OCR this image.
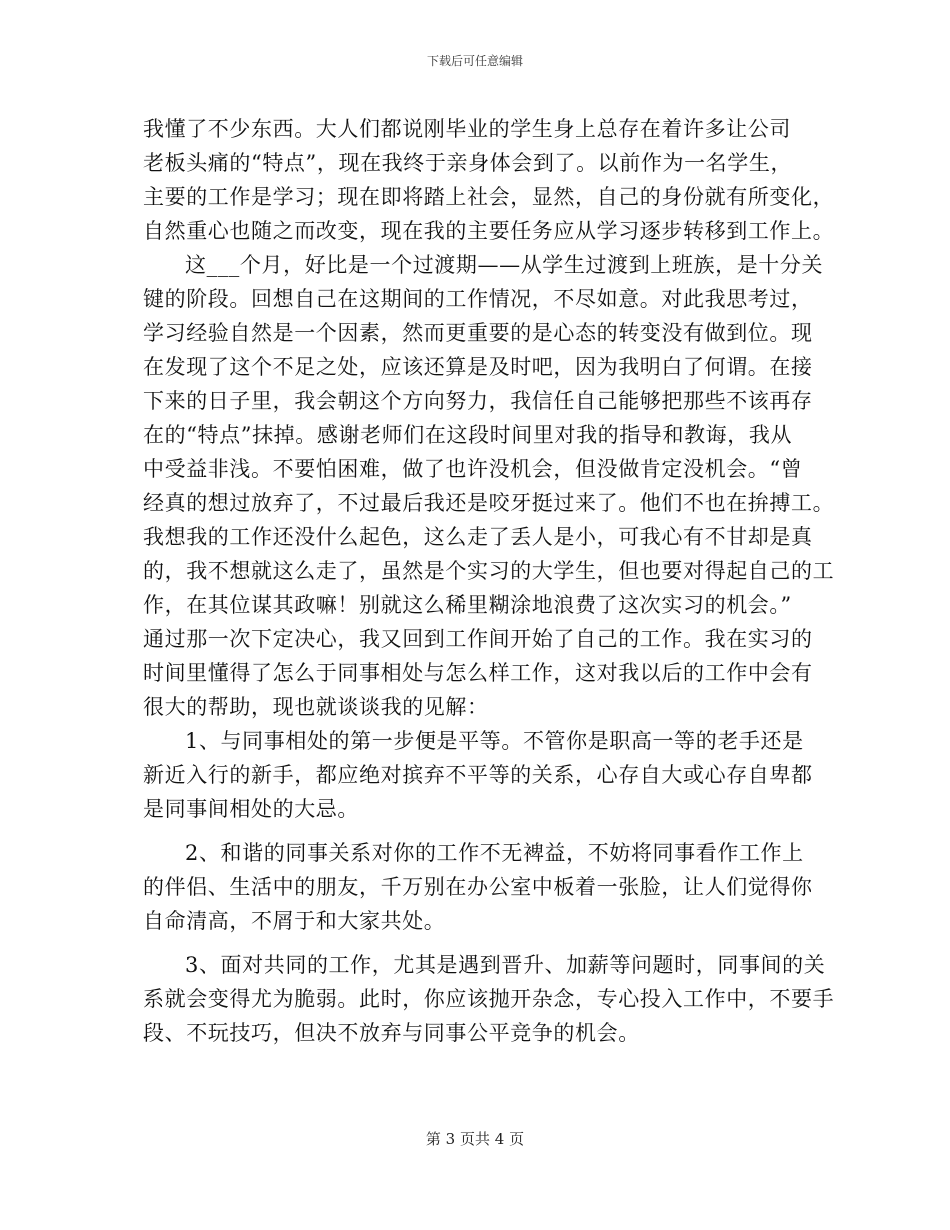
下载后可任意编辑
我懂了不少东西。大人们都说刚毕业的学生身上总存在着许多让公司
老板头痛的“特点”，现在我终于亲身体会到了。以前作为一名学生，
主要的工作是学习；现在即将踏上社会，显然，自己的身份就有所变化，
自然重心也随之而改变，现在我的主要任务应从学习逐步转移到工作上。
这___个月，好比是一个过渡期——从学生过渡到上班族，是十分关
键的阶段。回想自己在这期间的工作情况，不尽如意。对此我思考过，
学习经验自然是一个因素，然而更重要的是心态的转变没有做到位。现
在发现了这个不足之处，应该还算是及时吧，因为我明白了何谓。在接
下来的日子里，我会朝这个方向努力，我信任自己能够把那些不该再存
在的“特点”抹掉。感谢老师们在这段时间里对我的指导和教诲，我从
中受益非浅。不要怕困难，做了也许没机会，但没做肯定没机会。“曾
经真的想过放弃了，不过最后我还是咬牙挺过来了。他们不也在拚搏工。
我想我的工作还没什么起色，这么走了丢人是小，可我心有不甘却是真
的，我不想就这么走了，虽然是个实习的大学生，但也要对得起自己的工
作，在其位谋其政嘛！别就这么稀里糊涂地浪费了这次实习的机会。”
通过那一次下定决心，我又回到工作间开始了自己的工作。我在实习的
时间里懂得了怎么于同事相处与怎么样工作，这对我以后的工作中会有
很大的帮助，现也就谈谈我的见解：
1、与同事相处的第一步便是平等。不管你是职高一等的老手还是
新近入行的新手，都应绝对摈弃不平等的关系，心存自大或心存自卑都
是同事间相处的大忌。
2、和谐的同事关系对你的工作不无裨益，不妨将同事看作工作上
的伴侣、生活中的朋友，千万别在办公室中板着一张脸，让人们觉得你
自命清高，不屑于和大家共处。
3、面对共同的工作，尤其是遇到晋升、加薪等问题时，同事间的关
系就会变得尤为脆弱。此时，你应该抛开杂念，专心投入工作中，不要手
段、不玩技巧，但决不放弃与同事公平竞争的机会。
第 3 页共 4 页
